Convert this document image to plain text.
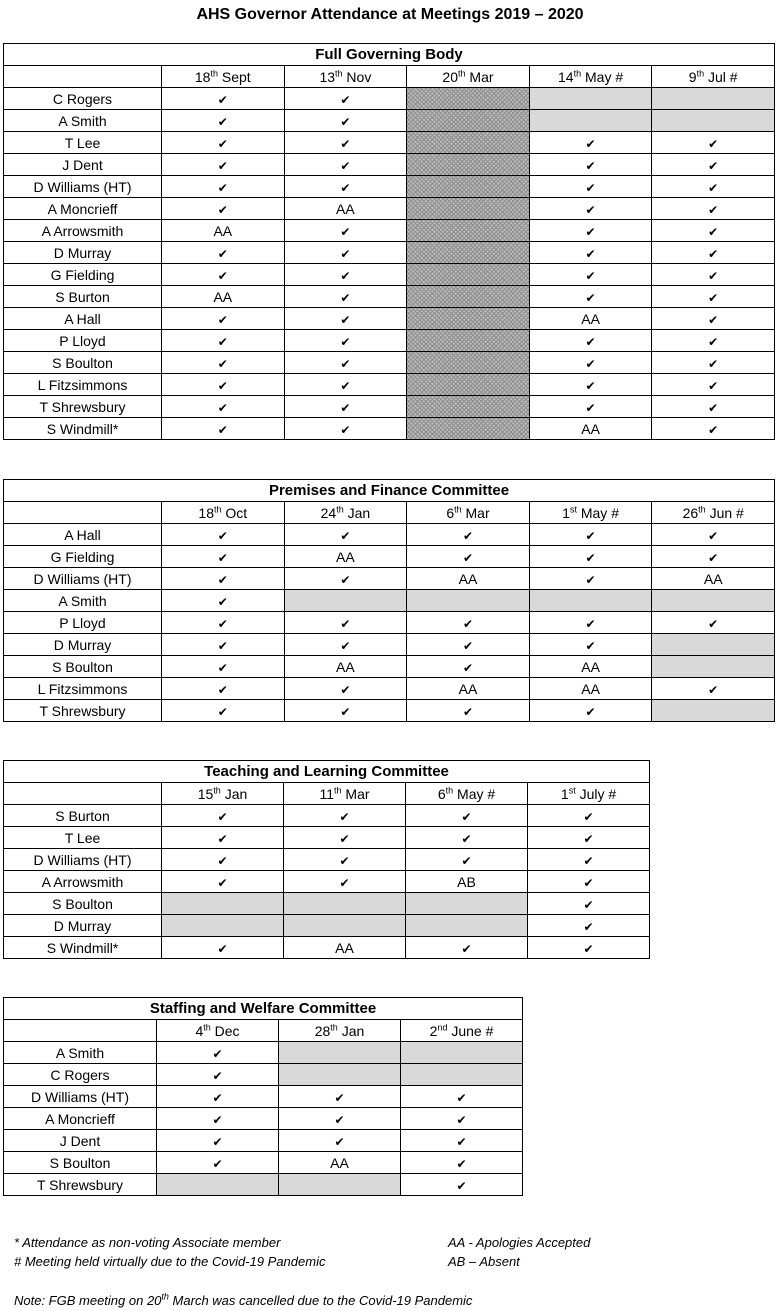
AHS Governor Attendance at Meetings 2019 – 2020
Full Governing Body					
	18th Sept	13th Nov	20th Mar	14th May #	9th Jul #
C Rogers	✔	✔			
A Smith	✔	✔			
T Lee	✔	✔		✔	✔
J Dent	✔	✔		✔	✔
D Williams (HT)	✔	✔		✔	✔
A Moncrieff	✔	AA		✔	✔
A Arrowsmith	AA	✔		✔	✔
D Murray	✔	✔		✔	✔
G Fielding	✔	✔		✔	✔
S Burton	AA	✔		✔	✔
A Hall	✔	✔		AA	✔
P Lloyd	✔	✔		✔	✔
S Boulton	✔	✔		✔	✔
L Fitzsimmons	✔	✔		✔	✔
T Shrewsbury	✔	✔		✔	✔
S Windmill*	✔	✔		AA	✔
Premises and Finance Committee					
	18th Oct	24th Jan	6th Mar	1st May #	26th Jun #
A Hall	✔	✔	✔	✔	✔
G Fielding	✔	AA	✔	✔	✔
D Williams (HT)	✔	✔	AA	✔	AA
A Smith	✔				
P Lloyd	✔	✔	✔	✔	✔
D Murray	✔	✔	✔	✔	
S Boulton	✔	AA	✔	AA	
L Fitzsimmons	✔	✔	AA	AA	✔
T Shrewsbury	✔	✔	✔	✔	
Teaching and Learning Committee				
	15th Jan	11th Mar	6th May #	1st July #
S Burton	✔	✔	✔	✔
T Lee	✔	✔	✔	✔
D Williams (HT)	✔	✔	✔	✔
A Arrowsmith	✔	✔	AB	✔
S Boulton				✔
D Murray				✔
S Windmill*	✔	AA	✔	✔
Staffing and Welfare Committee			
	4th Dec	28th Jan	2nd June #
A Smith	✔		
C Rogers	✔		
D Williams (HT)	✔	✔	✔
A Moncrieff	✔	✔	✔
J Dent	✔	✔	✔
S Boulton	✔	AA	✔
T Shrewsbury			✔
* Attendance as non-voting Associate member
# Meeting held virtually due to the Covid-19 Pandemic
AA - Apologies Accepted
AB – Absent
Note: FGB meeting on 20th March was cancelled due to the Covid-19 Pandemic
